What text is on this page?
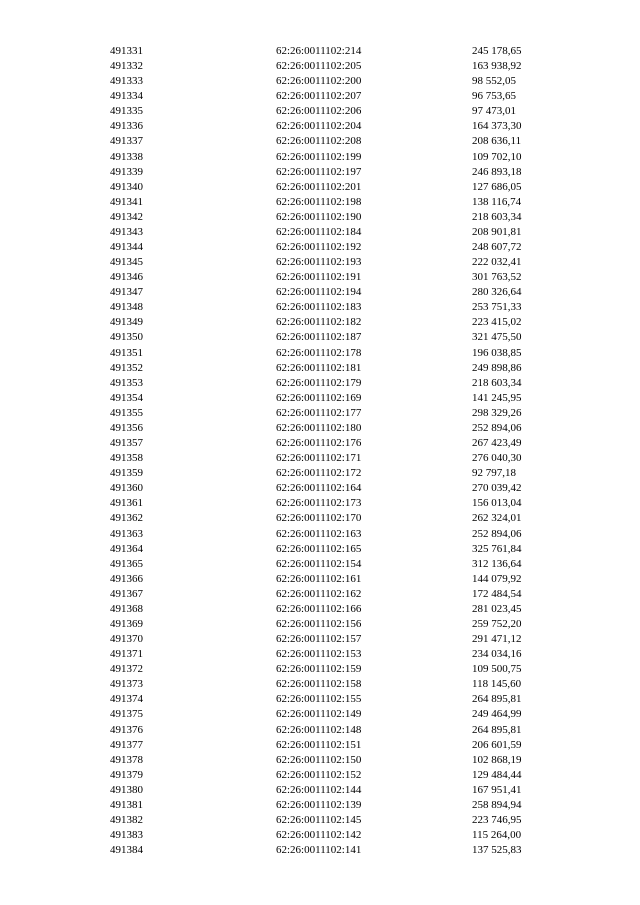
491331	62:26:0011102:214	245 178,65
491332	62:26:0011102:205	163 938,92
491333	62:26:0011102:200	98 552,05
491334	62:26:0011102:207	96 753,65
491335	62:26:0011102:206	97 473,01
491336	62:26:0011102:204	164 373,30
491337	62:26:0011102:208	208 636,11
491338	62:26:0011102:199	109 702,10
491339	62:26:0011102:197	246 893,18
491340	62:26:0011102:201	127 686,05
491341	62:26:0011102:198	138 116,74
491342	62:26:0011102:190	218 603,34
491343	62:26:0011102:184	208 901,81
491344	62:26:0011102:192	248 607,72
491345	62:26:0011102:193	222 032,41
491346	62:26:0011102:191	301 763,52
491347	62:26:0011102:194	280 326,64
491348	62:26:0011102:183	253 751,33
491349	62:26:0011102:182	223 415,02
491350	62:26:0011102:187	321 475,50
491351	62:26:0011102:178	196 038,85
491352	62:26:0011102:181	249 898,86
491353	62:26:0011102:179	218 603,34
491354	62:26:0011102:169	141 245,95
491355	62:26:0011102:177	298 329,26
491356	62:26:0011102:180	252 894,06
491357	62:26:0011102:176	267 423,49
491358	62:26:0011102:171	276 040,30
491359	62:26:0011102:172	92 797,18
491360	62:26:0011102:164	270 039,42
491361	62:26:0011102:173	156 013,04
491362	62:26:0011102:170	262 324,01
491363	62:26:0011102:163	252 894,06
491364	62:26:0011102:165	325 761,84
491365	62:26:0011102:154	312 136,64
491366	62:26:0011102:161	144 079,92
491367	62:26:0011102:162	172 484,54
491368	62:26:0011102:166	281 023,45
491369	62:26:0011102:156	259 752,20
491370	62:26:0011102:157	291 471,12
491371	62:26:0011102:153	234 034,16
491372	62:26:0011102:159	109 500,75
491373	62:26:0011102:158	118 145,60
491374	62:26:0011102:155	264 895,81
491375	62:26:0011102:149	249 464,99
491376	62:26:0011102:148	264 895,81
491377	62:26:0011102:151	206 601,59
491378	62:26:0011102:150	102 868,19
491379	62:26:0011102:152	129 484,44
491380	62:26:0011102:144	167 951,41
491381	62:26:0011102:139	258 894,94
491382	62:26:0011102:145	223 746,95
491383	62:26:0011102:142	115 264,00
491384	62:26:0011102:141	137 525,83
